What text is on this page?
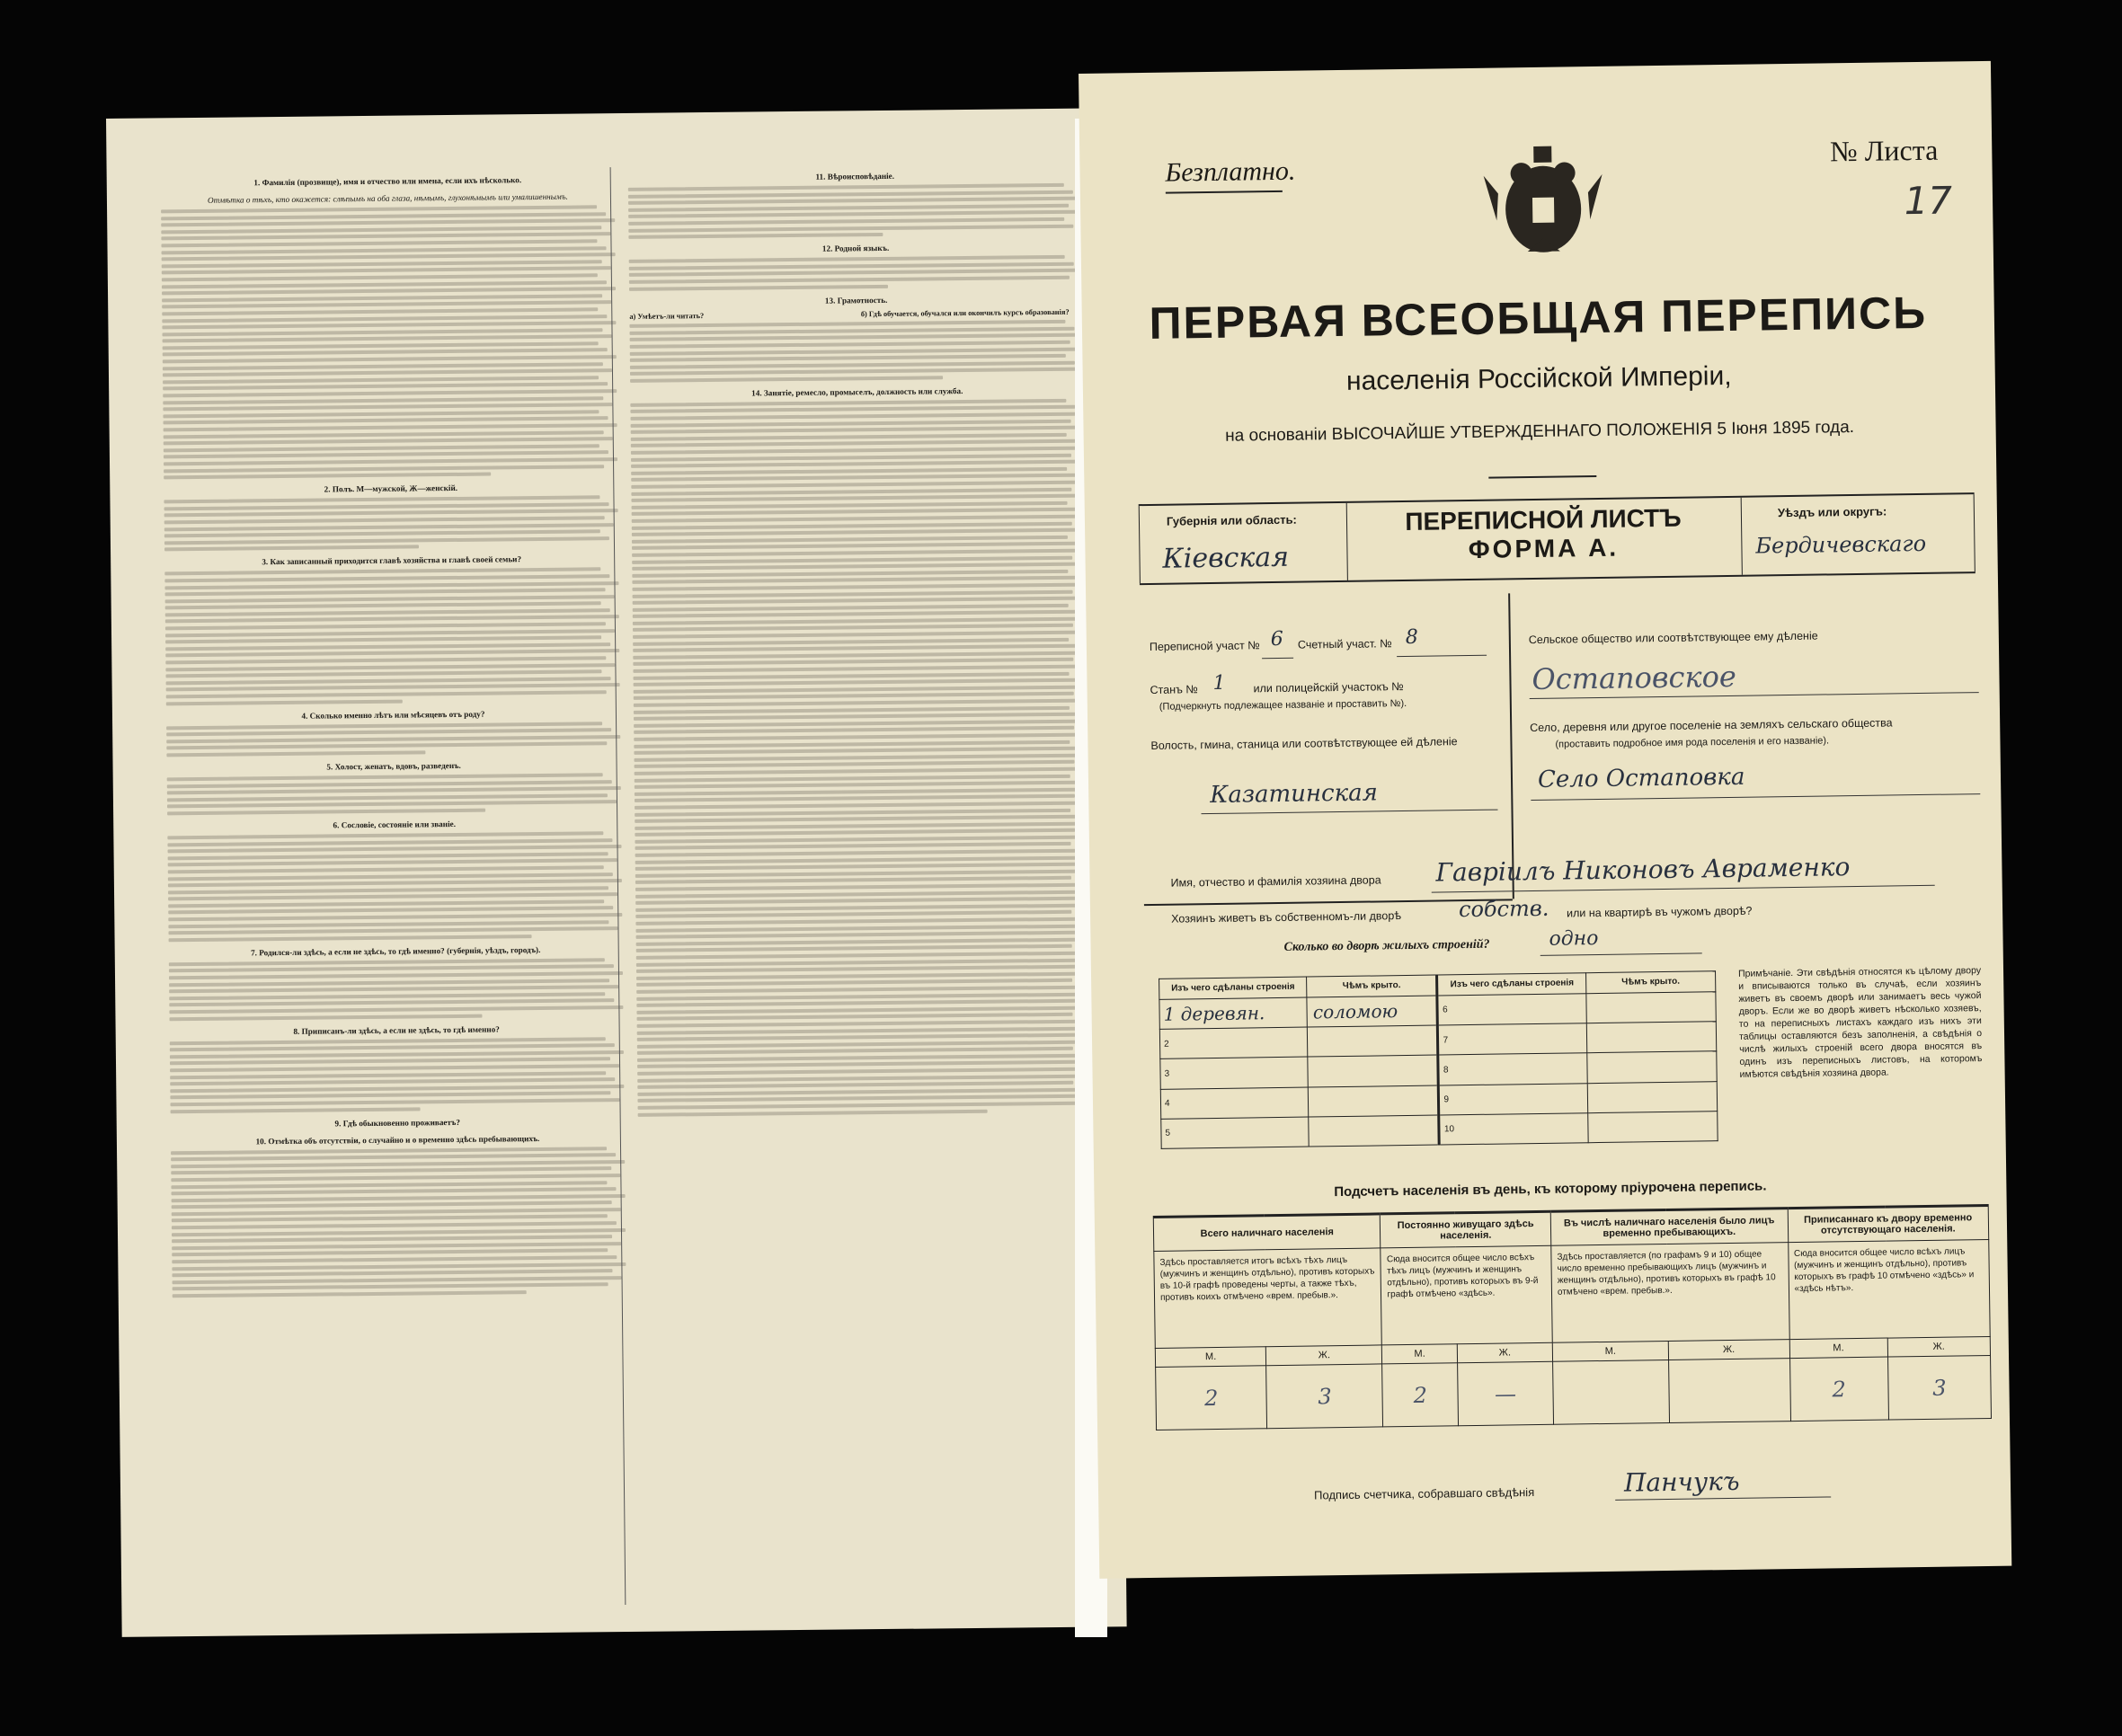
1. Фамилія (прозвище), имя и отчество или имена, если ихъ нѣсколько.
Отмѣтка о тѣхъ, кто окажется: слѣпымъ на оба глаза, нѣмымъ, глухонѣмымъ или умалишеннымъ.
2. Полъ. М—мужской, Ж—женскій.
3. Как записанный приходится главѣ хозяйства и главѣ своей семьи?
4. Сколько именно лѣтъ или мѣсяцевъ отъ роду?
5. Холост, женатъ, вдовъ, разведенъ.
6. Сословіе, состояніе или званіе.
7. Родился-ли здѣсь, а если не здѣсь, то гдѣ именно? (губернія, уѣздъ, городъ).
8. Приписанъ-ли здѣсь, а если не здѣсь, то гдѣ именно?
9. Гдѣ обыкновенно проживаетъ?
10. Отмѣтка объ отсутствіи, о случайно и о временно здѣсь пребывающихъ.
11. Вѣроисповѣданіе.
12. Родной языкъ.
13. Грамотность.
а) Умѣетъ-ли читать?	б) Гдѣ обучается, обучался или окончилъ курсъ образованія?
14. Занятіе, ремесло, промыселъ, должность или служба.
Безплатно.
№ Листа
17
ПЕРВАЯ ВСЕОБЩАЯ ПЕРЕПИСЬ
населенія Россійской Имперіи,
на основаніи ВЫСОЧАЙШЕ УТВЕРЖДЕННАГО ПОЛОЖЕНІЯ 5 Іюня 1895 года.
Губернія или область:
Кіевская
ПЕРЕПИСНОЙ ЛИСТЪ
ФОРМА А.
Уѣздъ или округъ:
Бердичевскаго
Переписной участ № 6 Счетный участ. № 8
Станъ № 1 или полицейскій участокъ №
(Подчеркнуть подлежащее названіе и проставить №).
Волость, гмина, станица или соотвѣтствующее ей дѣленіе
Казатинская
Сельское общество или соотвѣтствующее ему дѣленіе
Остаповское
Село, деревня или другое поселеніе на земляхъ сельскаго общества
(проставить подробное имя рода поселенія и его названіе).
Село Остаповка
Имя, отчество и фамилія хозяина двора Гаврiилъ Никоновъ Авраменко
Хозяинъ живетъ въ собственномъ-ли дворѣ	собств. или на квартирѣ въ чужомъ дворѣ?
Сколько во дворѣ жилыхъ строеній?	одно
Изъ чего сдѣланы строенія	Чѣмъ крыто.	Изъ чего сдѣланы строенія	Чѣмъ крыто.
1 деревян.	соломою	6	
2		7	
3		8	
4		9	
5		10	
Примѣчаніе. Эти свѣдѣнія относятся къ цѣлому двору и вписываются только въ случаѣ, если хозяинъ живетъ въ своемъ дворѣ или занимаетъ весь чужой дворъ. Если же во дворѣ живетъ нѣсколько хозяевъ, то на переписныхъ листахъ каждаго изъ нихъ эти таблицы оставляются безъ заполненія, а свѣдѣнія о числѣ жилыхъ строеній всего двора вносятся въ одинъ изъ переписныхъ листовъ, на которомъ имѣются свѣдѣнія хозяина двора.
Подсчетъ населенія въ день, къ которому пріурочена перепись.
Всего наличнаго населенія		Постоянно живущаго здѣсь населенія.		Въ числѣ наличнаго населенія было лицъ временно пребывающихъ.		Приписаннаго къ двору временно отсутствующаго населенія.	
Здѣсь проставляется итогъ всѣхъ тѣхъ лицъ (мужчинъ и женщинъ отдѣльно), противъ которыхъ въ 10-й графѣ проведены черты, а также тѣхъ, противъ коихъ отмѣчено «врем. пребыв.».		Сюда вносится общее число всѣхъ тѣхъ лицъ (мужчинъ и женщинъ отдѣльно), противъ которыхъ въ 9-й графѣ отмѣчено «здѣсь».		Здѣсь проставляется (по графамъ 9 и 10) общее число временно пребывающихъ лицъ (мужчинъ и женщинъ отдѣльно), противъ которыхъ въ графѣ 10 отмѣчено «врем. пребыв.».		Сюда вносится общее число всѣхъ лицъ (мужчинъ и женщинъ отдѣльно), противъ которыхъ въ графѣ 10 отмѣчено «здѣсь» и «здѣсь нѣтъ».	
М.	Ж.	М.	Ж.	М.	Ж.	М.	Ж.
2	3	2	—			2	3
Подпись счетчика, собравшаго свѣдѣнія	Панчукъ
